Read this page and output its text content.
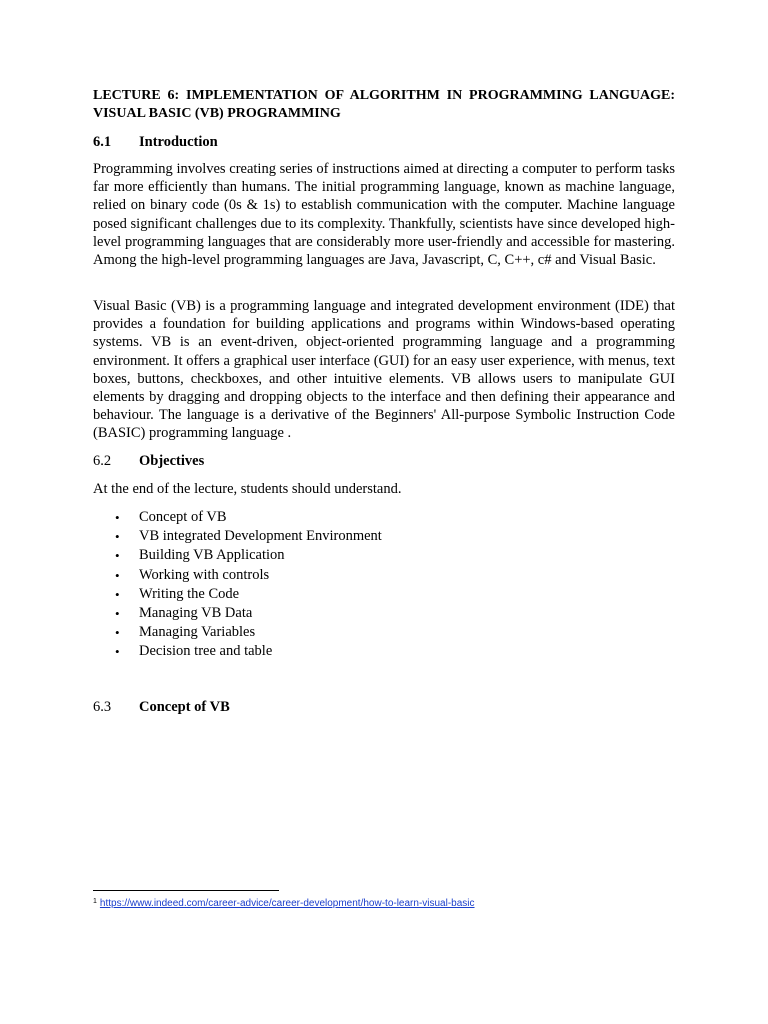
LECTURE 6: IMPLEMENTATION OF ALGORITHM IN PROGRAMMING LANGUAGE: VISUAL BASIC (VB) PROGRAMMING

6.1 Introduction

Programming involves creating series of instructions aimed at directing a computer to perform tasks far more efficiently than humans. The initial programming language, known as machine language, relied on binary code (0s & 1s) to establish communication with the computer. Machine language posed significant challenges due to its complexity. Thankfully, scientists have since developed high-level programming languages that are considerably more user-friendly and accessible for mastering. Among the high-level programming languages are Java, Javascript, C, C++, c# and Visual Basic.

Visual Basic (VB) is a programming language and integrated development environment (IDE) that provides a foundation for building applications and programs within Windows-based operating systems. VB is an event-driven, object-oriented programming language and a programming environment. It offers a graphical user interface (GUI) for an easy user experience, with menus, text boxes, buttons, checkboxes, and other intuitive elements. VB allows users to manipulate GUI elements by dragging and dropping objects to the interface and then defining their appearance and behaviour. The language is a derivative of the Beginners' All-purpose Symbolic Instruction Code (BASIC) programming language .

6.2 Objectives

At the end of the lecture, students should understand.

• Concept of VB
• VB integrated Development Environment
• Building VB Application
• Working with controls
• Writing the Code
• Managing VB Data
• Managing Variables
• Decision tree and table

6.3 Concept of VB

$^1$ https://www.indeed.com/career-advice/career-development/how-to-learn-visual-basic
